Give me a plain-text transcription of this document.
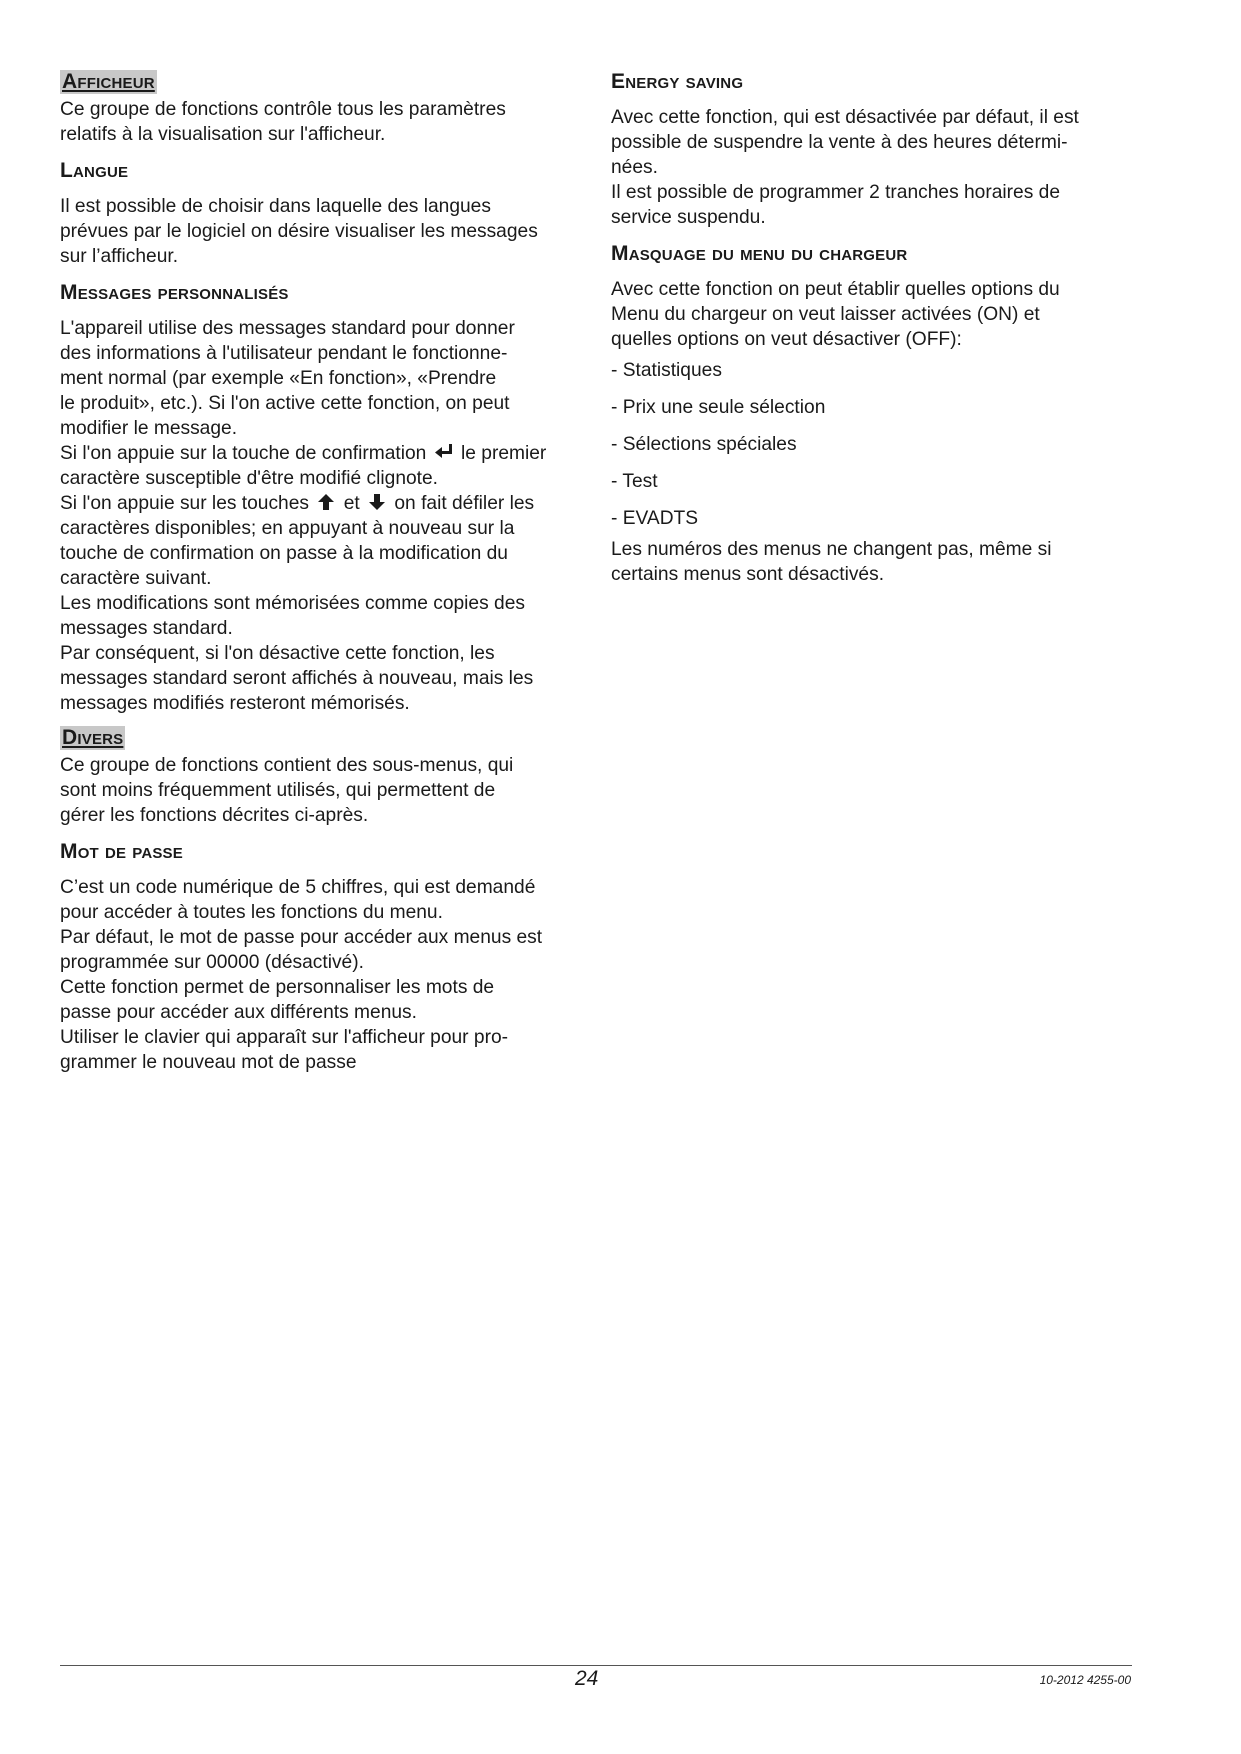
Afficheur

Ce groupe de fonctions contrôle tous les paramètres
relatifs à la visualisation sur l'afficheur.

Langue

Il est possible de choisir dans laquelle des langues
prévues par le logiciel on désire visualiser les messages
sur l’afficheur.

Messages personnalisés

L'appareil utilise des messages standard pour donner
des informations à l'utilisateur pendant le fonctionne-
ment normal (par exemple «En fonction», «Prendre
le produit», etc.). Si l'on active cette fonction, on peut
modifier le message.

Si l'on appuie sur la touche de confirmation le premier
caractère susceptible d'être modifié clignote.
Si l'on appuie sur les touches et on fait défiler les

caractères disponibles; en appuyant à nouveau sur la
touche de confirmation on passe à la modification du
caractère suivant.
Les modifications sont mémorisées comme copies des
messages standard.
Par conséquent, si l'on désactive cette fonction, les
messages standard seront affichés à nouveau, mais les
messages modifiés resteront mémorisés.

Divers

Ce groupe de fonctions contient des sous-menus, qui
sont moins fréquemment utilisés, qui permettent de
gérer les fonctions décrites ci-après.

Mot de passe

C’est un code numérique de 5 chiffres, qui est demandé
pour accéder à toutes les fonctions du menu.
Par défaut, le mot de passe pour accéder aux menus est
programmée sur 00000 (désactivé).
Cette fonction permet de personnaliser les mots de
passe pour accéder aux différents menus.
Utiliser le clavier qui apparaît sur l'afficheur pour pro-
grammer le nouveau mot de passe

Energy saving

Avec cette fonction, qui est désactivée par défaut, il est
possible de suspendre la vente à des heures détermi-
nées.
Il est possible de programmer 2 tranches horaires de
service suspendu.

Masquage du menu du chargeur

Avec cette fonction on peut établir quelles options du
Menu du chargeur on veut laisser activées (ON) et
quelles options on veut désactiver (OFF):

- Statistiques

- Prix une seule sélection

- Sélections spéciales

- Test

- EVADTS

Les numéros des menus ne changent pas, même si
certains menus sont désactivés.

24	10-2012 4255-00
